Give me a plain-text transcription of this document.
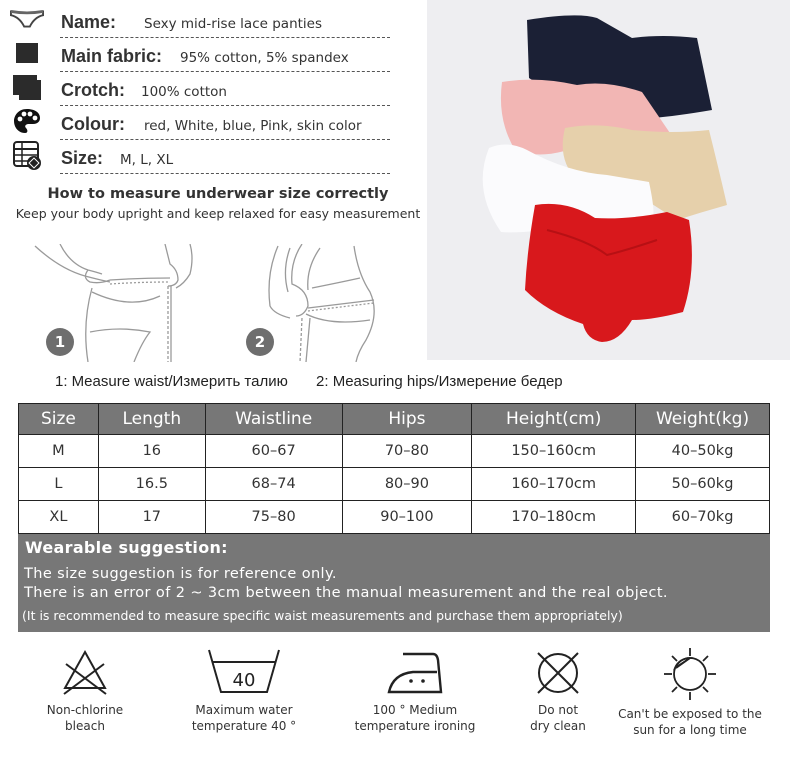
Name: Sexy mid-rise lace panties
Main fabric: 95% cotton, 5% spandex
Crotch: 100% cotton
Colour: red, White, blue, Pink, skin color
Size: M, L, XL
How to measure underwear size correctly
Keep your body upright and keep relaxed for easy measurement
1	2
1: Measure waist/Измерить талию 2: Measuring hips/Измерение бедер
Size	Length	Waistline	Hips	Height(cm)	Weight(kg)
M	16	60–67	70–80	150–160cm	40–50kg
L	16.5	68–74	80–90	160–170cm	50–60kg
XL	17	75–80	90–100	170–180cm	60–70kg
Wearable suggestion:
The size suggestion is for reference only.
There is an error of 2 ~ 3cm between the manual measurement and the real object.
(It is recommended to measure specific waist measurements and purchase them appropriately)
Non-chlorine
bleach
40
Maximum water
temperature 40 °
100 ° Medium
temperature ironing
Do not
dry clean
Can't be exposed to the
sun for a long time
